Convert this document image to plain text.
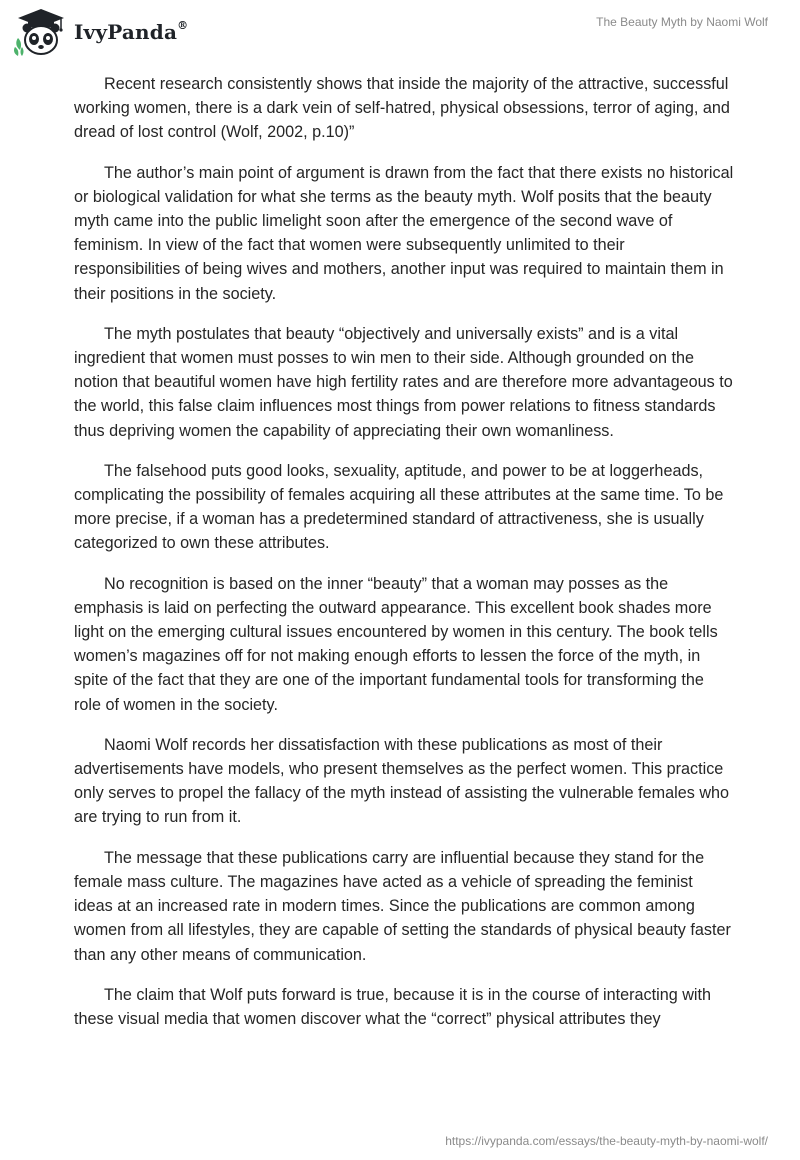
IvyPanda®	The Beauty Myth by Naomi Wolf

Recent research consistently shows that inside the majority of the attractive, successful working women, there is a dark vein of self-hatred, physical obsessions, terror of aging, and dread of lost control (Wolf, 2002, p.10)”

The author’s main point of argument is drawn from the fact that there exists no historical or biological validation for what she terms as the beauty myth. Wolf posits that the beauty myth came into the public limelight soon after the emergence of the second wave of feminism. In view of the fact that women were subsequently unlimited to their responsibilities of being wives and mothers, another input was required to maintain them in their positions in the society.

The myth postulates that beauty “objectively and universally exists” and is a vital ingredient that women must posses to win men to their side. Although grounded on the notion that beautiful women have high fertility rates and are therefore more advantageous to the world, this false claim influences most things from power relations to fitness standards thus depriving women the capability of appreciating their own womanliness.

The falsehood puts good looks, sexuality, aptitude, and power to be at loggerheads, complicating the possibility of females acquiring all these attributes at the same time. To be more precise, if a woman has a predetermined standard of attractiveness, she is usually categorized to own these attributes.

No recognition is based on the inner “beauty” that a woman may posses as the emphasis is laid on perfecting the outward appearance. This excellent book shades more light on the emerging cultural issues encountered by women in this century. The book tells women’s magazines off for not making enough efforts to lessen the force of the myth, in spite of the fact that they are one of the important fundamental tools for transforming the role of women in the society.

Naomi Wolf records her dissatisfaction with these publications as most of their advertisements have models, who present themselves as the perfect women. This practice only serves to propel the fallacy of the myth instead of assisting the vulnerable females who are trying to run from it.

The message that these publications carry are influential because they stand for the female mass culture. The magazines have acted as a vehicle of spreading the feminist ideas at an increased rate in modern times. Since the publications are common among women from all lifestyles, they are capable of setting the standards of physical beauty faster than any other means of communication.

The claim that Wolf puts forward is true, because it is in the course of interacting with these visual media that women discover what the “correct” physical attributes they

https://ivypanda.com/essays/the-beauty-myth-by-naomi-wolf/
